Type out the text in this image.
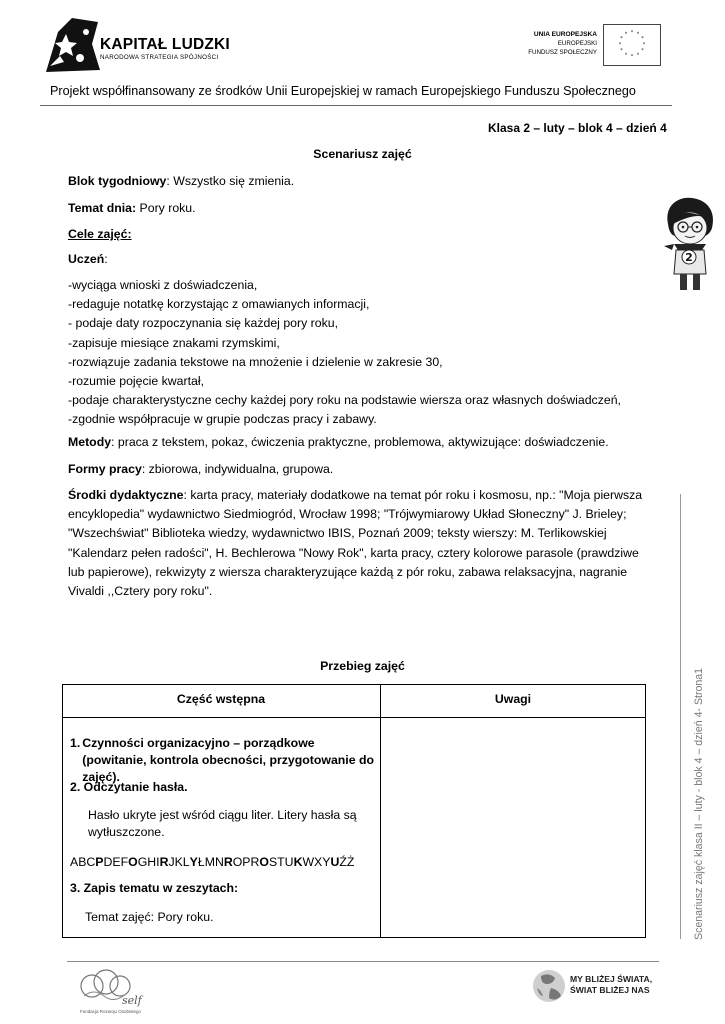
KAPITAŁ LUDZKI
NARODOWA STRATEGIA SPÓJNOŚCI
UNIA EUROPEJSKA
EUROPEJSKI
FUNDUSZ SPOŁECZNY
* *
*
*
*
*
*
*
*
*
*
*
Projekt współfinansowany ze środków Unii Europejskiej w ramach Europejskiego Funduszu Społecznego
2
Klasa 2 – luty – blok 4 – dzień 4
Scenariusz zajęć
Blok tygodniowy: Wszystko się zmienia.
Temat dnia: Pory roku.
Cele zajęć:
Uczeń:
-wyciąga wnioski z doświadczenia,
-redaguje notatkę korzystając z omawianych informacji,
- podaje daty rozpoczynania się każdej pory roku,
-zapisuje miesiące znakami rzymskimi,
-rozwiązuje zadania tekstowe na mnożenie i dzielenie w zakresie 30,
-rozumie pojęcie kwartał,
-podaje charakterystyczne cechy każdej pory roku na podstawie wiersza oraz własnych doświadczeń,
-zgodnie współpracuje w grupie podczas pracy i zabawy.
Metody: praca z tekstem, pokaz, ćwiczenia praktyczne, problemowa, aktywizujące: doświadczenie.
Formy pracy: zbiorowa, indywidualna, grupowa.
Środki dydaktyczne: karta pracy, materiały dodatkowe na temat pór roku i kosmosu, np.: "Moja pierwsza encyklopedia" wydawnictwo Siedmiogród, Wrocław 1998; "Trójwymiarowy Układ Słoneczny" J. Brieley; "Wszechświat" Biblioteka wiedzy, wydawnictwo IBIS, Poznań 2009; teksty wierszy: M. Terlikowskiej "Kalendarz pełen radości", H. Bechlerowa "Nowy Rok", karta pracy, cztery kolorowe parasole (prawdziwe lub papierowe), rekwizyty z wiersza charakteryzujące każdą z pór roku, zabawa relaksacyjna, nagranie Vivaldi ,,Cztery pory roku".
Przebieg zajęć
Część wstępna	Uwagi
1. Czynności organizacyjno – porządkowe (powitanie, kontrola obecności, przygotowanie do zajęć).
2. Odczytanie hasła.
Hasło ukryte jest wśród ciągu liter. Litery hasła są wytłuszczone.
ABCPDEFOGHIRJKLYŁMNROPROSTUKWXYUŹŻ
3. Zapis tematu w zeszytach:
Temat zajęć: Pory roku.	Scenariusz zajęć klasa II – luty - blok 4 – dzień 4- Strona1
self
Fundacja Rozwoju Osobistego
MY BLIŻEJ ŚWIATA,
ŚWIAT BLIŻEJ NAS
